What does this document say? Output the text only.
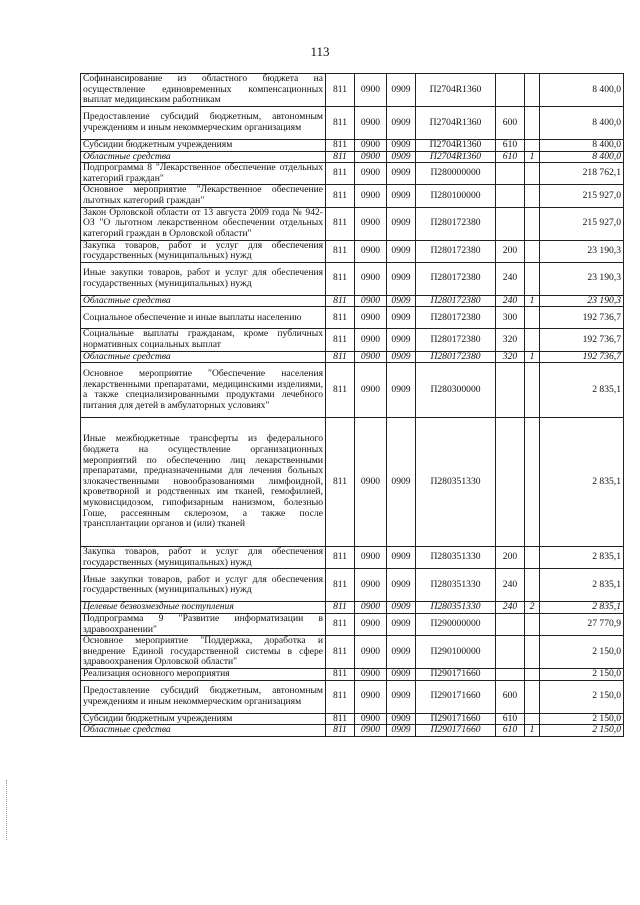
113
Софинансирование из областного бюджета на осуществление единовременных компенсационных выплат медицинским работникам	811	0900	0909	П2704R1360			8 400,0
Предоставление субсидий бюджетным, автономным учреждениям и иным некоммерческим организациям	811	0900	0909	П2704R1360	600		8 400,0
Субсидии бюджетным учреждениям	811	0900	0909	П2704R1360	610		8 400,0
Областные средства	811	0900	0909	П2704R1360	610	1	8 400,0
Подпрограмма 8 "Лекарственное обеспечение отдельных категорий граждан"	811	0900	0909	П280000000			218 762,1
Основное мероприятие "Лекарственное обеспечение льготных категорий граждан"	811	0900	0909	П280100000			215 927,0
Закон Орловской области от 13 августа 2009 года № 942-ОЗ "О льготном лекарственном обеспечении отдельных категорий граждан в Орловской области"	811	0900	0909	П280172380			215 927,0
Закупка товаров, работ и услуг для обеспечения государственных (муниципальных) нужд	811	0900	0909	П280172380	200		23 190,3
Иные закупки товаров, работ и услуг для обеспечения государственных (муниципальных) нужд	811	0900	0909	П280172380	240		23 190,3
Областные средства	811	0900	0909	П280172380	240	1	23 190,3
Социальное обеспечение и иные выплаты населению	811	0900	0909	П280172380	300		192 736,7
Социальные выплаты гражданам, кроме публичных нормативных социальных выплат	811	0900	0909	П280172380	320		192 736,7
Областные средства	811	0900	0909	П280172380	320	1	192 736,7
Основное мероприятие "Обеспечение населения лекарственными препаратами, медицинскими изделиями, а также специализированными продуктами лечебного питания для детей в амбулаторных условиях"	811	0900	0909	П280300000			2 835,1
Иные межбюджетные трансферты из федерального бюджета на осуществление организационных мероприятий по обеспечению лиц лекарственными препаратами, предназначенными для лечения больных злокачественными новообразованиями лимфоидной, кроветворной и родственных им тканей, гемофилией, муковисцидозом, гипофизарным нанизмом, болезнью Гоше, рассеянным склерозом, а также после трансплантации органов и (или) тканей	811	0900	0909	П280351330			2 835,1
Закупка товаров, работ и услуг для обеспечения государственных (муниципальных) нужд	811	0900	0909	П280351330	200		2 835,1
Иные закупки товаров, работ и услуг для обеспечения государственных (муниципальных) нужд	811	0900	0909	П280351330	240		2 835,1
Целевые безвозмездные поступления	811	0900	0909	П280351330	240	2	2 835,1
Подпрограмма 9 "Развитие информатизации в здравоохранении"	811	0900	0909	П290000000			27 770,9
Основное мероприятие "Поддержка, доработка и внедрение Единой государственной системы в сфере здравоохранения Орловской области"	811	0900	0909	П290100000			2 150,0
Реализация основного мероприятия	811	0900	0909	П290171660			2 150,0
Предоставление субсидий бюджетным, автономным учреждениям и иным некоммерческим организациям	811	0900	0909	П290171660	600		2 150,0
Субсидии бюджетным учреждениям	811	0900	0909	П290171660	610		2 150,0
Областные средства	811	0900	0909	П290171660	610	1	2 150,0
